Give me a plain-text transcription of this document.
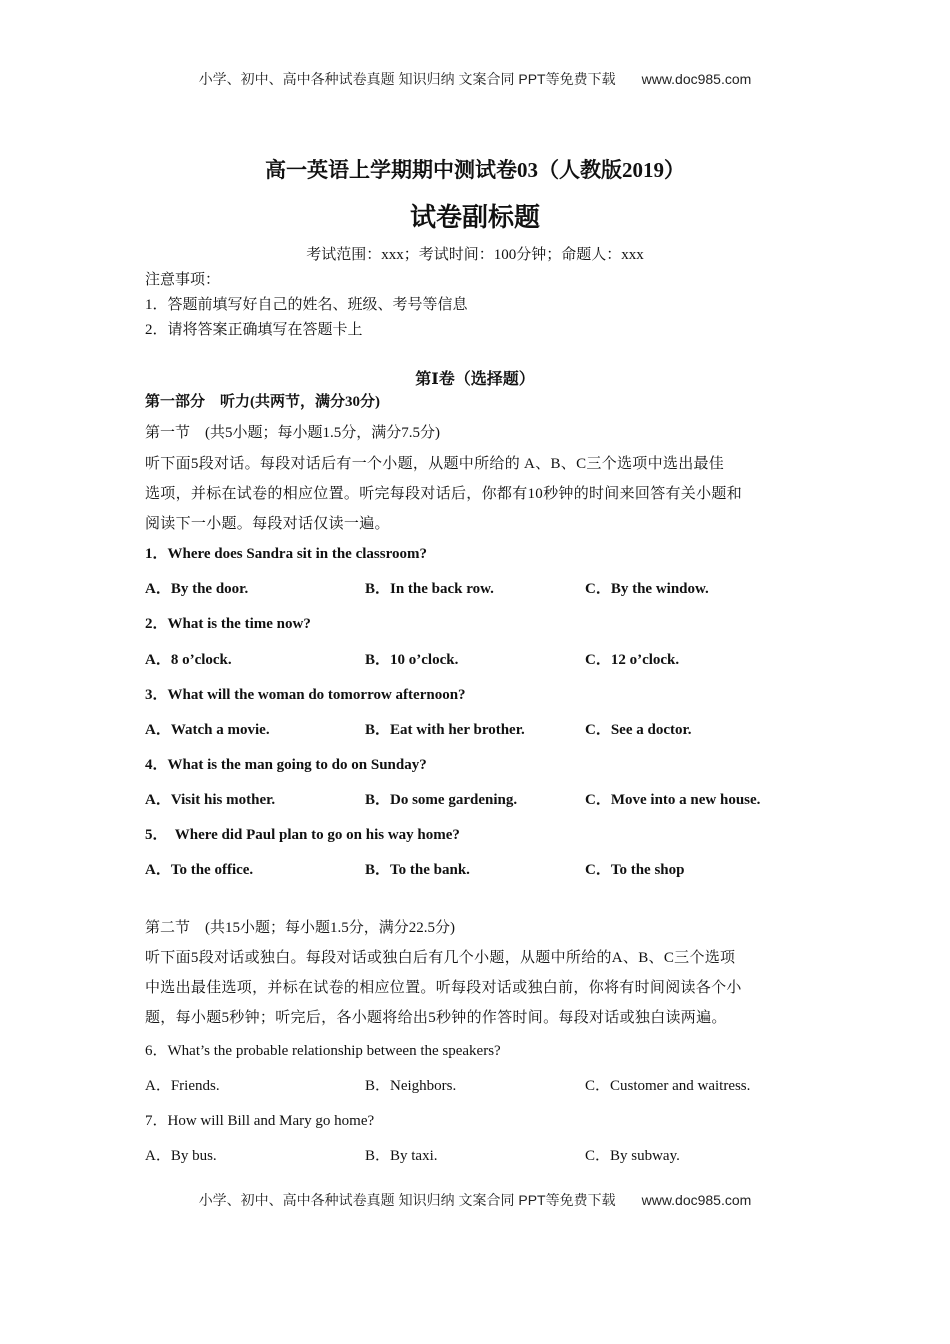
小学、初中、高中各种试卷真题 知识归纳 文案合同 PPT等免费下载 www.doc985.com
高一英语上学期期中测试卷03（人教版2019）
试卷副标题
考试范围：xxx；考试时间：100分钟；命题人：xxx
注意事项：
1．答题前填写好自己的姓名、班级、考号等信息
2．请将答案正确填写在答题卡上
第Ⅰ卷（选择题）
第一部分　听力(共两节，满分30分)
第一节　(共5小题；每小题1.5分，满分7.5分)
听下面5段对话。每段对话后有一个小题，从题中所给的 A、B、C三个选项中选出最佳
选项，并标在试卷的相应位置。听完每段对话后，你都有10秒钟的时间来回答有关小题和
阅读下一小题。每段对话仅读一遍。
1．Where does Sandra sit in the classroom?
A．By the door.	B．In the back row.	C．By the window.
2．What is the time now?
A．8 o’clock.	B．10 o’clock.	C．12 o’clock.
3．What will the woman do tomorrow afternoon?
A．Watch a movie.	B．Eat with her brother.	C．See a doctor.
4．What is the man going to do on Sunday?
A．Visit his mother.	B．Do some gardening.	C．Move into a new house.
5．  Where did Paul plan to go on his way home?
A．To the office.	B．To the bank.	C．To the shop
第二节　(共15小题；每小题1.5分，满分22.5分)
听下面5段对话或独白。每段对话或独白后有几个小题，从题中所给的A、B、C三个选项
中选出最佳选项，并标在试卷的相应位置。听每段对话或独白前，你将有时间阅读各个小
题，每小题5秒钟；听完后，各小题将给出5秒钟的作答时间。每段对话或独白读两遍。
6．What’s the probable relationship between the speakers?
A．Friends.	B．Neighbors.	C．Customer and waitress.
7．How will Bill and Mary go home?
A．By bus.	B．By taxi.	C．By subway.
小学、初中、高中各种试卷真题 知识归纳 文案合同 PPT等免费下载 www.doc985.com
